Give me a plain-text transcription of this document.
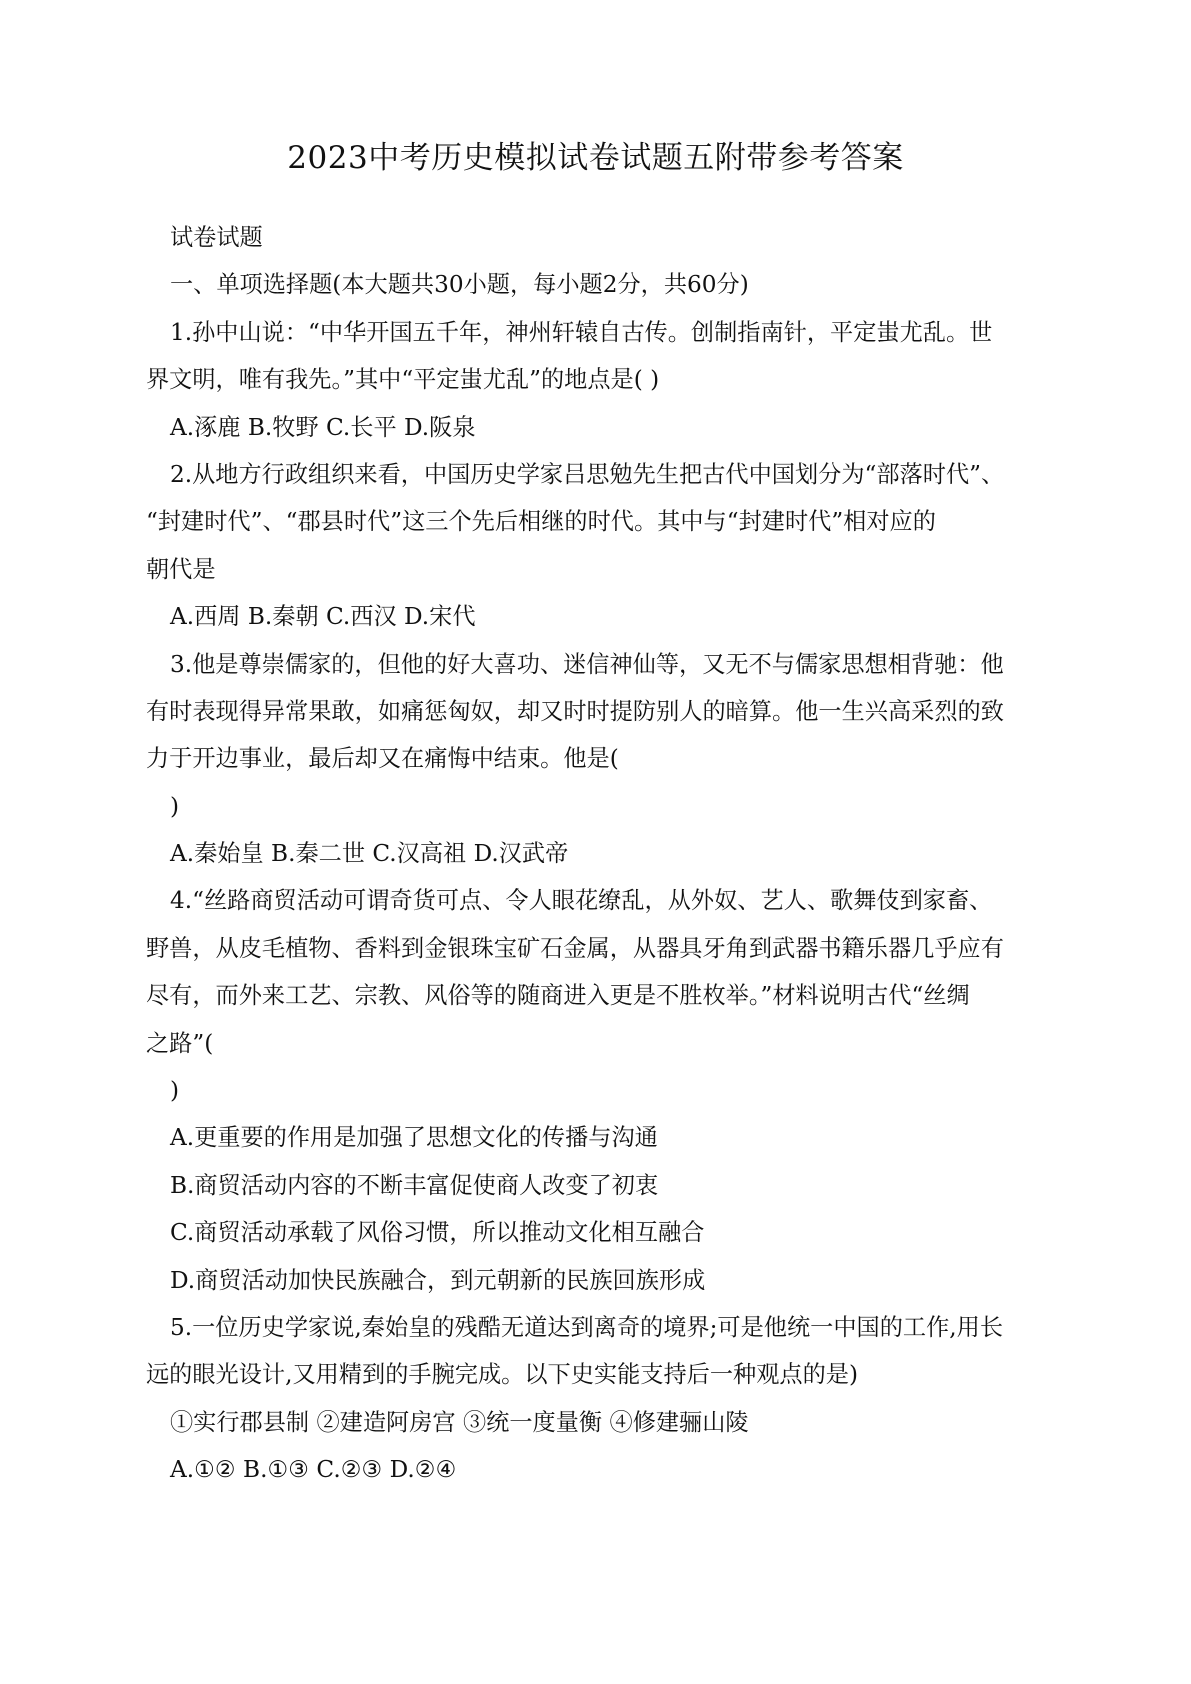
2023中考历史模拟试卷试题五附带参考答案
试卷试题
一、单项选择题(本大题共30小题，每小题2分，共60分)
1.孙中山说：“中华开国五千年，神州轩辕自古传。创制指南针，平定蚩尤乱。世
界文明，唯有我先。”其中“平定蚩尤乱”的地点是( )
A.涿鹿 B.牧野 C.长平 D.阪泉
2.从地方行政组织来看，中国历史学家吕思勉先生把古代中国划分为“部落时代”、
“封建时代”、“郡县时代”这三个先后相继的时代。其中与“封建时代”相对应的
朝代是
A.西周 B.秦朝 C.西汉 D.宋代
3.他是尊崇儒家的，但他的好大喜功、迷信神仙等，又无不与儒家思想相背驰：他
有时表现得异常果敢，如痛惩匈奴，却又时时提防别人的暗算。他一生兴高采烈的致
力于开边事业，最后却又在痛悔中结束。他是(
)
A.秦始皇 B.秦二世 C.汉高祖 D.汉武帝
4.“丝路商贸活动可谓奇货可点、令人眼花缭乱，从外奴、艺人、歌舞伎到家畜、
野兽，从皮毛植物、香料到金银珠宝矿石金属，从器具牙角到武器书籍乐器几乎应有
尽有，而外来工艺、宗教、风俗等的随商进入更是不胜枚举。”材料说明古代“丝绸
之路”(
)
A.更重要的作用是加强了思想文化的传播与沟通
B.商贸活动内容的不断丰富促使商人改变了初衷
C.商贸活动承载了风俗习惯，所以推动文化相互融合
D.商贸活动加快民族融合，到元朝新的民族回族形成
5.一位历史学家说,秦始皇的残酷无道达到离奇的境界;可是他统一中国的工作,用长
远的眼光设计,又用精到的手腕完成。以下史实能支持后一种观点的是)
①实行郡县制 ②建造阿房宫 ③统一度量衡 ④修建骊山陵
A.①② B.①③ C.②③ D.②④
